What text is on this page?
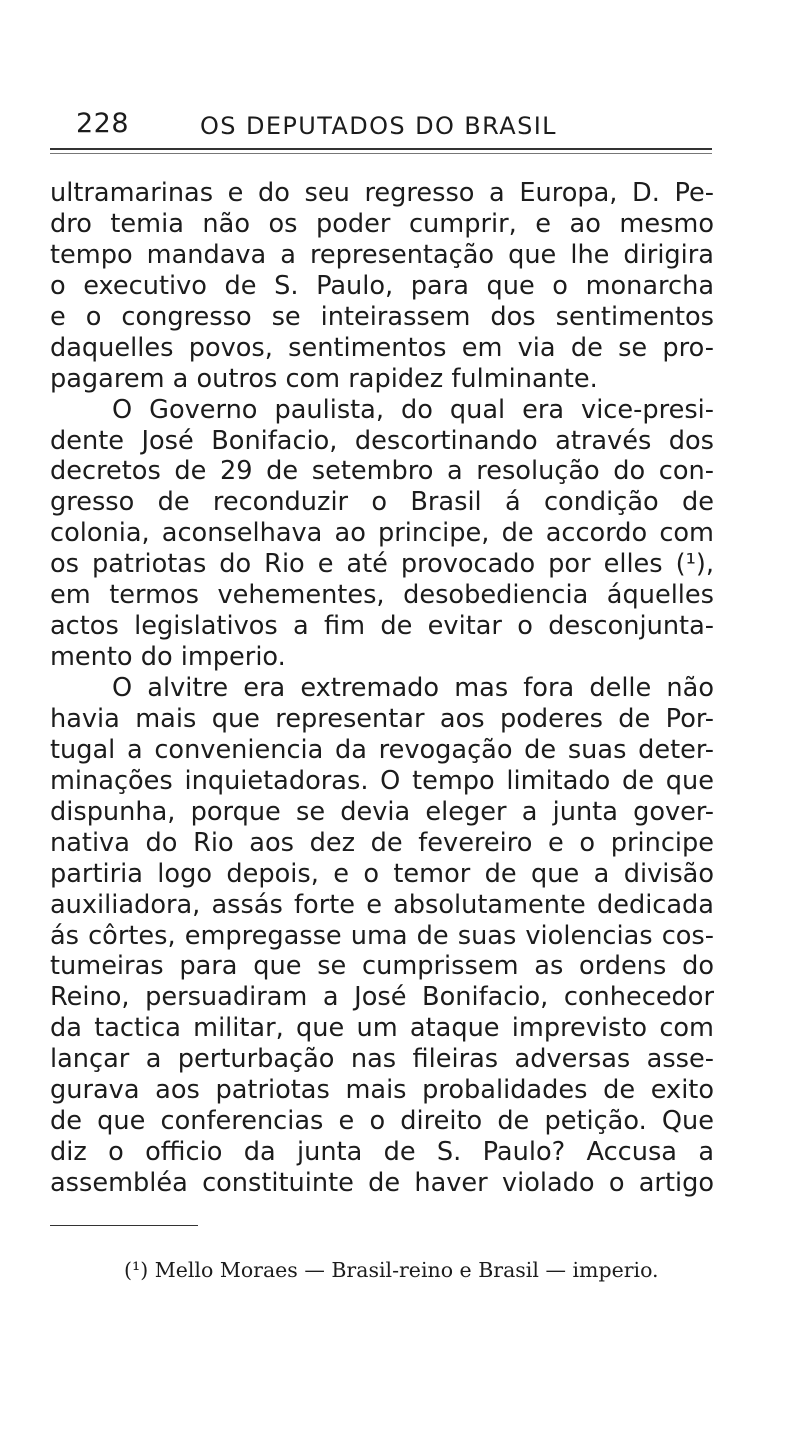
228	OS DEPUTADOS DO BRASIL
ultramarinas e do seu regresso a Europa, D. Pe-
dro temia não os poder cumprir, e ao mesmo
tempo mandava a representação que lhe dirigira
o executivo de S. Paulo, para que o monarcha
e o congresso se inteirassem dos sentimentos
daquelles povos, sentimentos em via de se pro-
pagarem a outros com rapidez fulminante.
O Governo paulista, do qual era vice-presi-
dente José Bonifacio, descortinando através dos
decretos de 29 de setembro a resolução do con-
gresso de reconduzir o Brasil á condição de
colonia, aconselhava ao principe, de accordo com
os patriotas do Rio e até provocado por elles (¹),
em termos vehementes, desobediencia áquelles
actos legislativos a fim de evitar o desconjunta-
mento do imperio.
O alvitre era extremado mas fora delle não
havia mais que representar aos poderes de Por-
tugal a conveniencia da revogação de suas deter-
minações inquietadoras. O tempo limitado de que
dispunha, porque se devia eleger a junta gover-
nativa do Rio aos dez de fevereiro e o principe
partiria logo depois, e o temor de que a divisão
auxiliadora, assás forte e absolutamente dedicada
ás côrtes, empregasse uma de suas violencias cos-
tumeiras para que se cumprissem as ordens do
Reino, persuadiram a José Bonifacio, conhecedor
da tactica militar, que um ataque imprevisto com
lançar a perturbação nas fileiras adversas asse-
gurava aos patriotas mais probalidades de exito
de que conferencias e o direito de petição. Que
diz o officio da junta de S. Paulo? Accusa a
assembléa constituinte de haver violado o artigo
(¹) Mello Moraes — Brasil-reino e Brasil — imperio.
